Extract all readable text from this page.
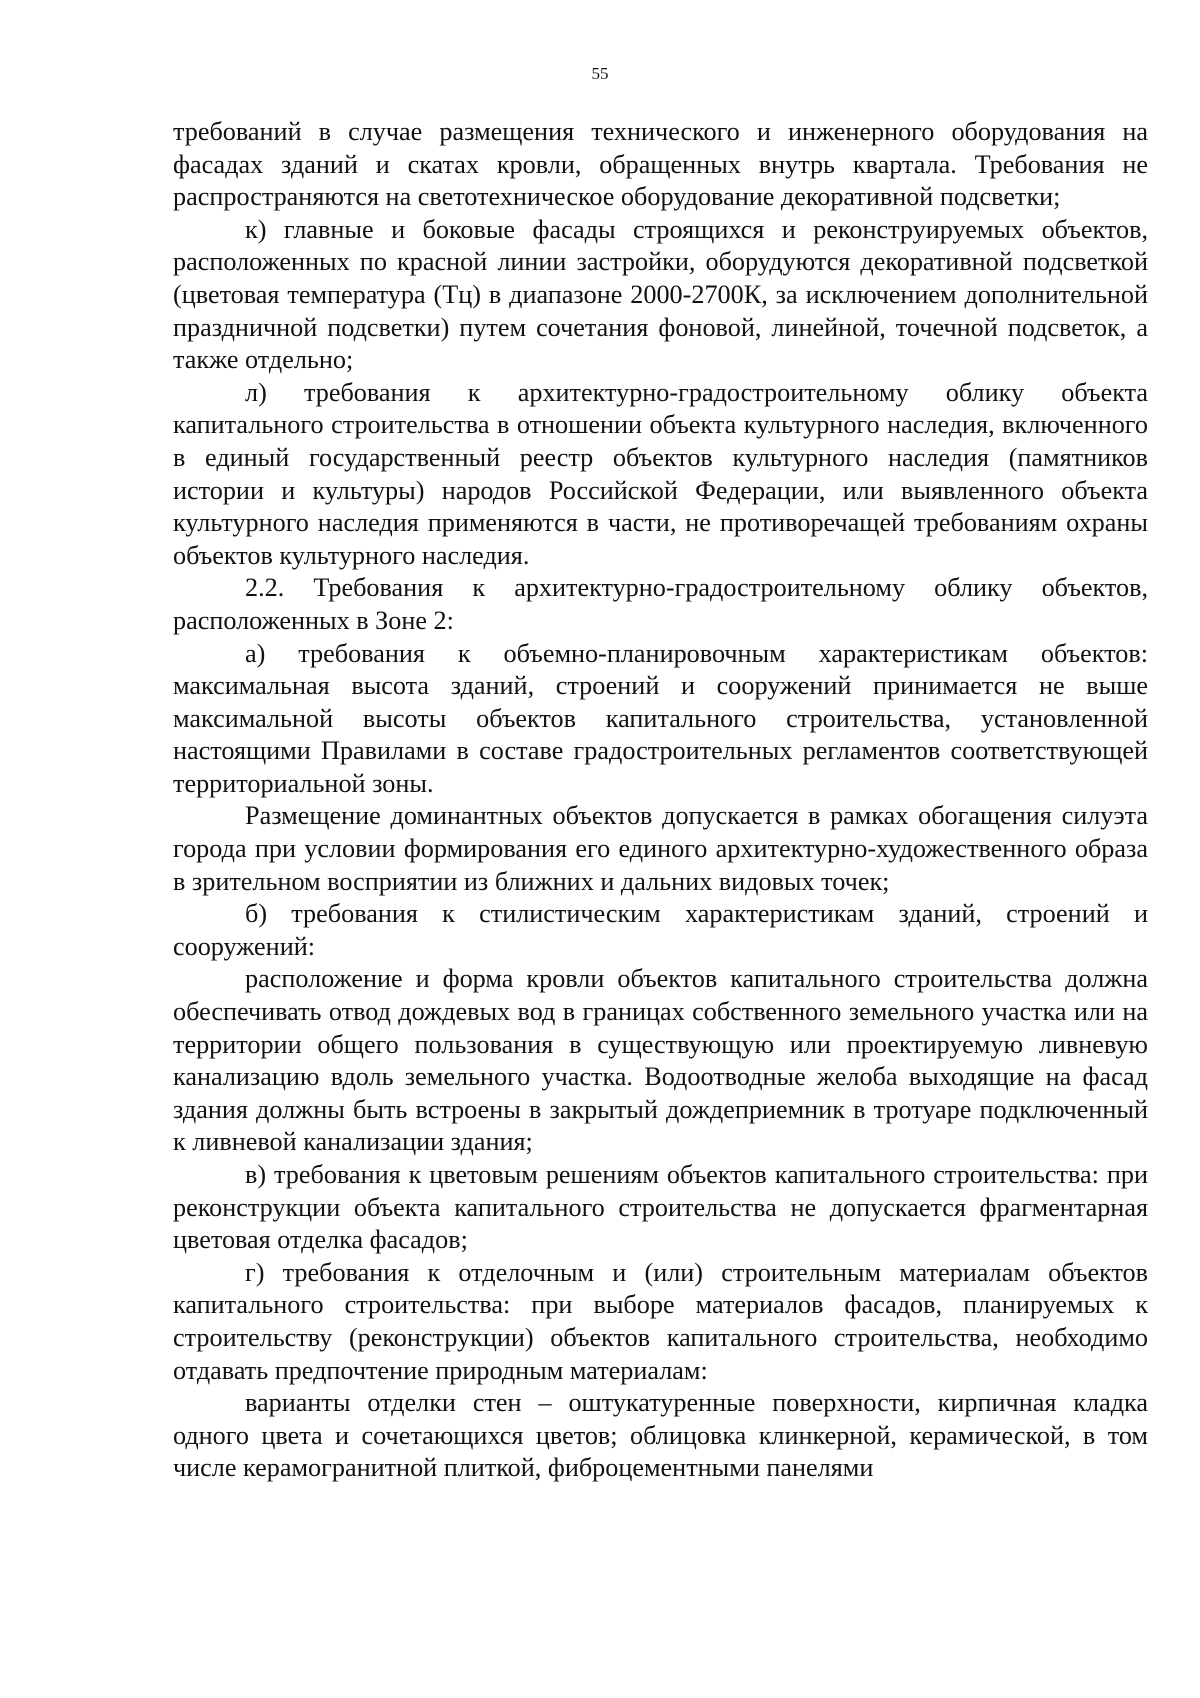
55

требований в случае размещения технического и инженерного оборудования на фасадах зданий и скатах кровли, обращенных внутрь квартала. Требования не распространяются на светотехническое оборудование декоративной подсветки;

к) главные и боковые фасады строящихся и реконструируемых объектов, расположенных по красной линии застройки, оборудуются декоративной подсветкой (цветовая температура (Тц) в диапазоне 2000-2700К, за исключением дополнительной праздничной подсветки) путем сочетания фоновой, линейной, точечной подсветок, а также отдельно;

л) требования к архитектурно-градостроительному облику объекта капитального строительства в отношении объекта культурного наследия, включенного в единый государственный реестр объектов культурного наследия (памятников истории и культуры) народов Российской Федерации, или выявленного объекта культурного наследия применяются в части, не противоречащей требованиям охраны объектов культурного наследия.

2.2. Требования к архитектурно-градостроительному облику объектов, расположенных в Зоне 2:

а) требования к объемно-планировочным характеристикам объектов: максимальная высота зданий, строений и сооружений принимается не выше максимальной высоты объектов капитального строительства, установленной настоящими Правилами в составе градостроительных регламентов соответствующей территориальной зоны.

Размещение доминантных объектов допускается в рамках обогащения силуэта города при условии формирования его единого архитектурно-художественного образа в зрительном восприятии из ближних и дальних видовых точек;

б) требования к стилистическим характеристикам зданий, строений и сооружений:

расположение и форма кровли объектов капитального строительства должна обеспечивать отвод дождевых вод в границах собственного земельного участка или на территории общего пользования в существующую или проектируемую ливневую канализацию вдоль земельного участка. Водоотводные желоба выходящие на фасад здания должны быть встроены в закрытый дождеприемник в тротуаре подключенный к ливневой канализации здания;

в) требования к цветовым решениям объектов капитального строительства: при реконструкции объекта капитального строительства не допускается фрагментарная цветовая отделка фасадов;

г) требования к отделочным и (или) строительным материалам объектов капитального строительства: при выборе материалов фасадов, планируемых к строительству (реконструкции) объектов капитального строительства, необходимо отдавать предпочтение природным материалам:

варианты отделки стен – оштукатуренные поверхности, кирпичная кладка одного цвета и сочетающихся цветов; облицовка клинкерной, керамической, в том числе керамогранитной плиткой, фиброцементными панелями
